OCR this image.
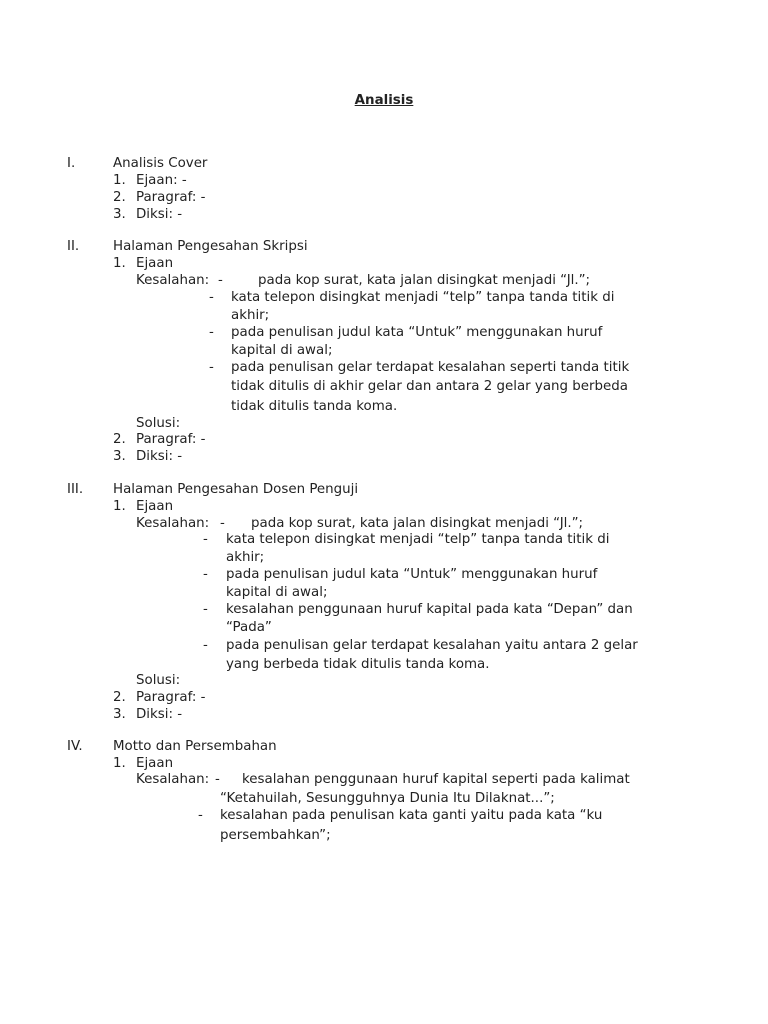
Analisis
I.	Analisis Cover
1. Ejaan: -
2. Paragraf: -
3. Diksi: -
II.	Halaman Pengesahan Skripsi
1. Ejaan
Kesalahan: -	pada kop surat, kata jalan disingkat menjadi “Jl.”;
- kata telepon disingkat menjadi “telp” tanpa tanda titik di
akhir;
- pada penulisan judul kata “Untuk” menggunakan huruf
kapital di awal;
- pada penulisan gelar terdapat kesalahan seperti tanda titik
tidak ditulis di akhir gelar dan antara 2 gelar yang berbeda
tidak ditulis tanda koma.
Solusi:
2. Paragraf: -
3. Diksi: -
III. Halaman Pengesahan Dosen Penguji
1. Ejaan
Kesalahan: - pada kop surat, kata jalan disingkat menjadi “Jl.”;
- kata telepon disingkat menjadi “telp” tanpa tanda titik di
akhir;
- pada penulisan judul kata “Untuk” menggunakan huruf
kapital di awal;
- kesalahan penggunaan huruf kapital pada kata “Depan” dan
“Pada”
- pada penulisan gelar terdapat kesalahan yaitu antara 2 gelar
yang berbeda tidak ditulis tanda koma.
Solusi:
2. Paragraf: -
3. Diksi: -
IV. Motto dan Persembahan
1. Ejaan
Kesalahan: - kesalahan penggunaan huruf kapital seperti pada kalimat
“Ketahuilah, Sesungguhnya Dunia Itu Dilaknat...”;
- kesalahan pada penulisan kata ganti yaitu pada kata “ku
persembahkan”;
